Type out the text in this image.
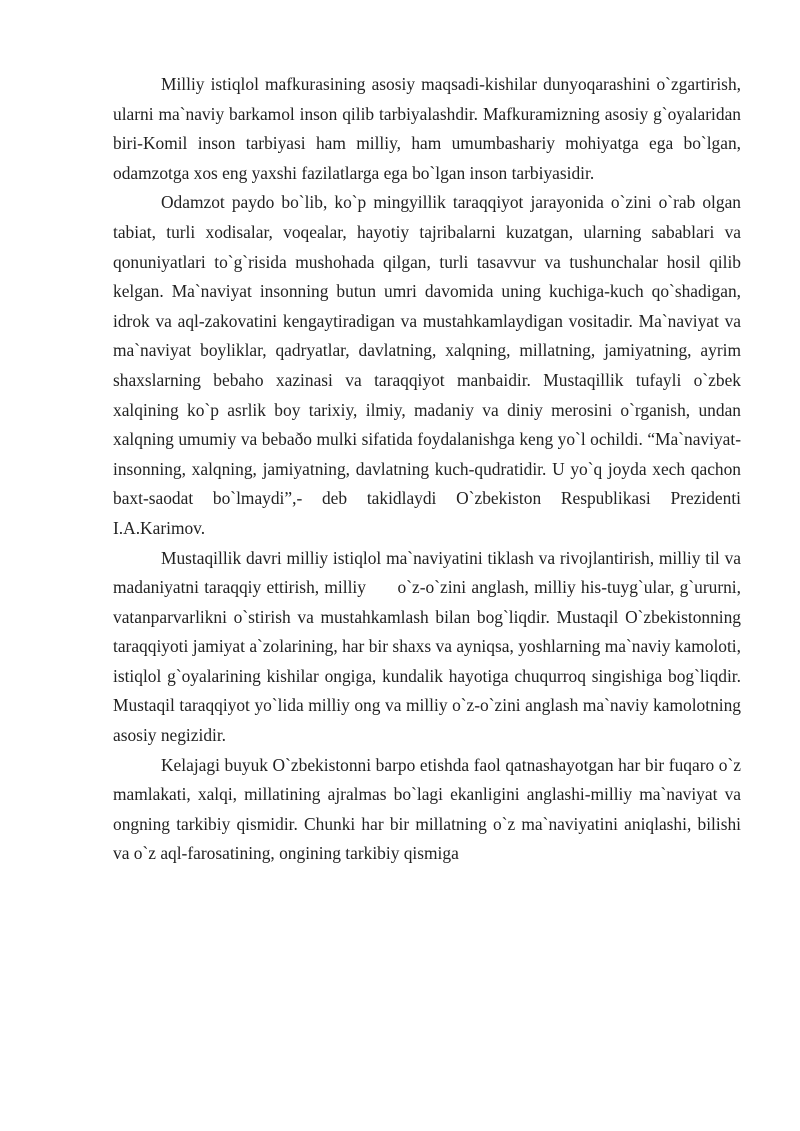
Milliy istiqlol mafkurasining asosiy maqsadi-kishilar dunyoqarashini o`zgartirish, ularni ma`naviy barkamol inson qilib tarbiyalashdir. Mafkuramizning asosiy g`oyalaridan biri-Komil inson tarbiyasi ham milliy, ham umumbashariy mohiyatga ega bo`lgan, odamzotga xos eng yaxshi fazilatlarga ega bo`lgan inson tarbiyasidir.

Odamzot paydo bo`lib, ko`p mingyillik taraqqiyot jarayonida o`zini o`rab olgan tabiat, turli xodisalar, voqealar, hayotiy tajribalarni kuzatgan, ularning sabablari va qonuniyatlari to`g`risida mushohada qilgan, turli tasavvur va tushunchalar hosil qilib kelgan. Ma`naviyat insonning butun umri davomida uning kuchiga-kuch qo`shadigan, idrok va aql-zakovatini kengaytiradigan va mustahkamlaydigan vositadir. Ma`naviyat va ma`naviyat boyliklar, qadryatlar, davlatning, xalqning, millatning, jamiyatning, ayrim shaxslarning bebaho xazinasi va taraqqiyot manbaidir. Mustaqillik tufayli o`zbek xalqining ko`p asrlik boy tarixiy, ilmiy, madaniy va diniy merosini o`rganish, undan xalqning umumiy va bebaðo mulki sifatida foydalanishga keng yo`l ochildi. “Ma`naviyat-insonning, xalqning, jamiyatning, davlatning kuch-qudratidir. U yo`q joyda xech qachon baxt-saodat bo`lmaydi”,- deb takidlaydi O`zbekiston Respublikasi Prezidenti I.A.Karimov.

Mustaqillik davri milliy istiqlol ma`naviyatini tiklash va rivojlantirish, milliy til va madaniyatni taraqqiy ettirish, milliy      o`z-o`zini anglash, milliy his-tuyg`ular, g`ururni, vatanparvarlikni o`stirish va mustahkamlash bilan bog`liqdir. Mustaqil O`zbekistonning taraqqiyoti jamiyat a`zolarining, har bir shaxs va ayniqsa, yoshlarning ma`naviy kamoloti, istiqlol g`oyalarining kishilar ongiga, kundalik hayotiga chuqurroq singishiga bog`liqdir. Mustaqil taraqqiyot yo`lida milliy ong va milliy o`z-o`zini anglash ma`naviy kamolotning asosiy negizidir.

Kelajagi buyuk O`zbekistonni barpo etishda faol qatnashayotgan har bir fuqaro o`z mamlakati, xalqi, millatining ajralmas bo`lagi ekanligini anglashi-milliy ma`naviyat va ongning tarkibiy qismidir. Chunki har bir millatning o`z ma`naviyatini aniqlashi, bilishi va o`z aql-farosatining, ongining tarkibiy qismiga
